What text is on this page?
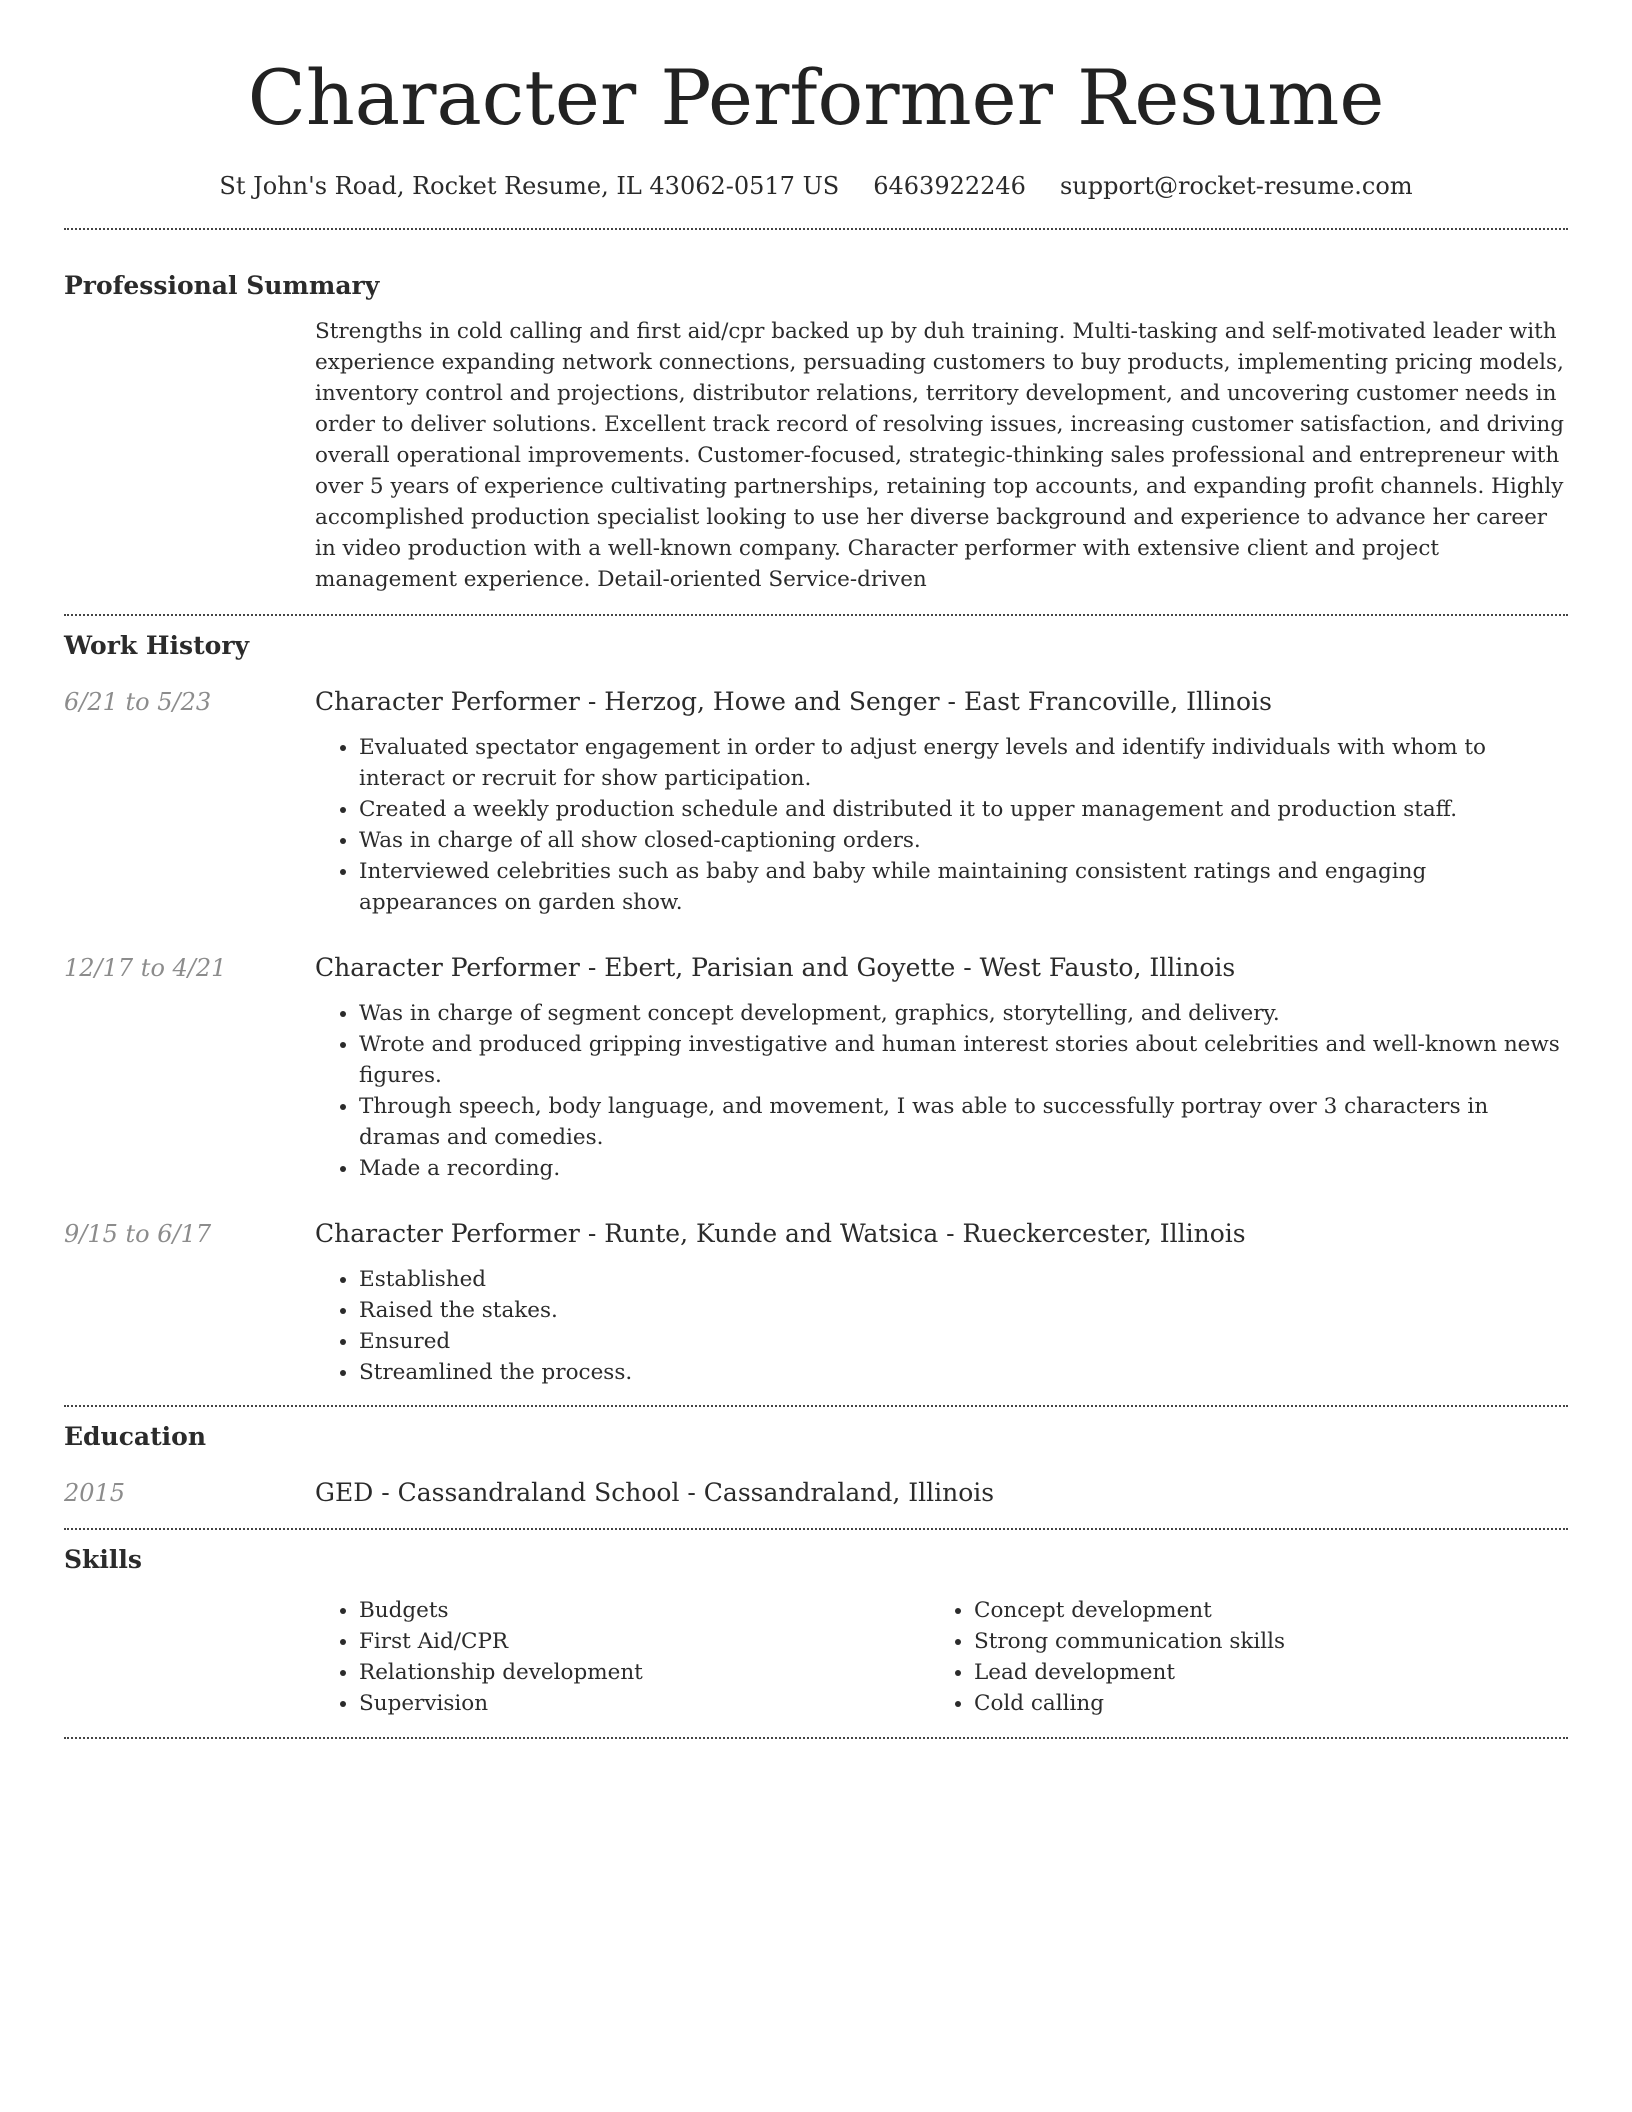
Character Performer Resume
St John's Road, Rocket Resume, IL 43062-0517 US 6463922246 support@rocket-resume.com
Professional Summary

Strengths in cold calling and first aid/cpr backed up by duh training. Multi-tasking and self-motivated leader with experience expanding network connections, persuading customers to buy products, implementing pricing models, inventory control and projections, distributor relations, territory development, and uncovering customer needs in order to deliver solutions. Excellent track record of resolving issues, increasing customer satisfaction, and driving overall operational improvements. Customer-focused, strategic-thinking sales professional and entrepreneur with over 5 years of experience cultivating partnerships, retaining top accounts, and expanding profit channels. Highly accomplished production specialist looking to use her diverse background and experience to advance her career in video production with a well-known company. Character performer with extensive client and project management experience. Detail-oriented Service-driven

Work History
6/21 to 5/23	Character Performer - Herzog, Howe and Senger - East Francoville, Illinois
• Evaluated spectator engagement in order to adjust energy levels and identify individuals with whom to interact or recruit for show participation.
• Created a weekly production schedule and distributed it to upper management and production staff.
• Was in charge of all show closed-captioning orders.
• Interviewed celebrities such as baby and baby while maintaining consistent ratings and engaging appearances on garden show.
12/17 to 4/21	Character Performer - Ebert, Parisian and Goyette - West Fausto, Illinois
• Was in charge of segment concept development, graphics, storytelling, and delivery.
• Wrote and produced gripping investigative and human interest stories about celebrities and well-known news figures.
• Through speech, body language, and movement, I was able to successfully portray over 3 characters in dramas and comedies.
• Made a recording.
9/15 to 6/17	Character Performer - Runte, Kunde and Watsica - Rueckercester, Illinois
• Established
• Raised the stakes.
• Ensured
• Streamlined the process.
Education
2015	GED - Cassandraland School - Cassandraland, Illinois
Skills
• Budgets
• First Aid/CPR
• Relationship development
• Supervision
• Concept development
• Strong communication skills
• Lead development
• Cold calling
